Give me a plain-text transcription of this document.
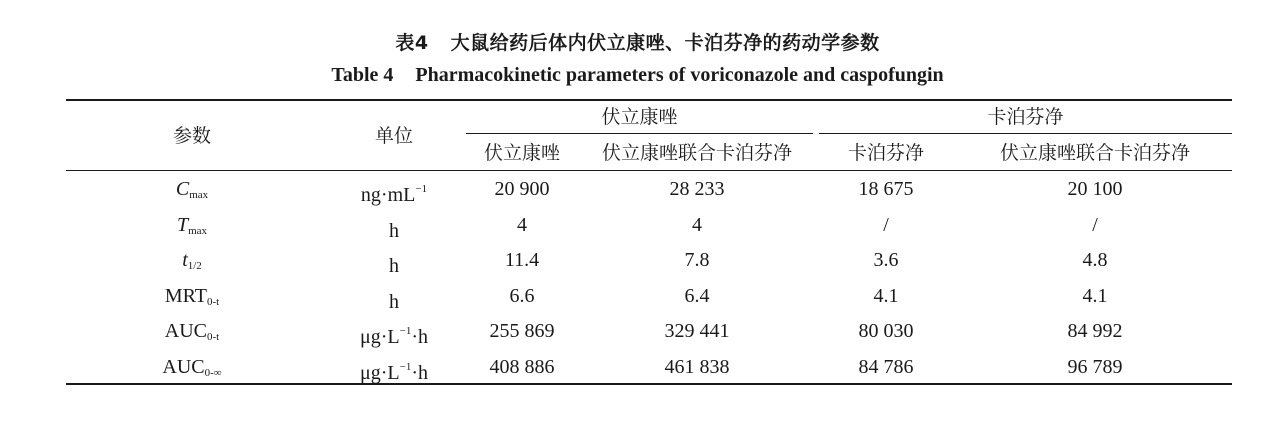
表4 大鼠给药后体内伏立康唑、卡泊芬净的药动学参数
Table 4 Pharmacokinetic parameters of voriconazole and caspofungin
参数	单位
伏立康唑	卡泊芬净
伏立康唑	伏立康唑联合卡泊芬净	卡泊芬净	伏立康唑联合卡泊芬净
$C_{max}$	$ng\cdot mL^{-1}$	20 900	28 233	18 675	20 100
$T_{max}$	h	4	4	/	/
$t_{1/2}$	h	11.4	7.8	3.6	4.8
$MRT_{0-t}$	h	6.6	6.4	4.1	4.1
$AUC_{0-t}$	$\mu g\cdot L^{-1}\cdot h$	255 869	329 441	80 030	84 992
$AUC_{0-\infty}$	$\mu g\cdot L^{-1}\cdot h$	408 886	461 838	84 786	96 789
